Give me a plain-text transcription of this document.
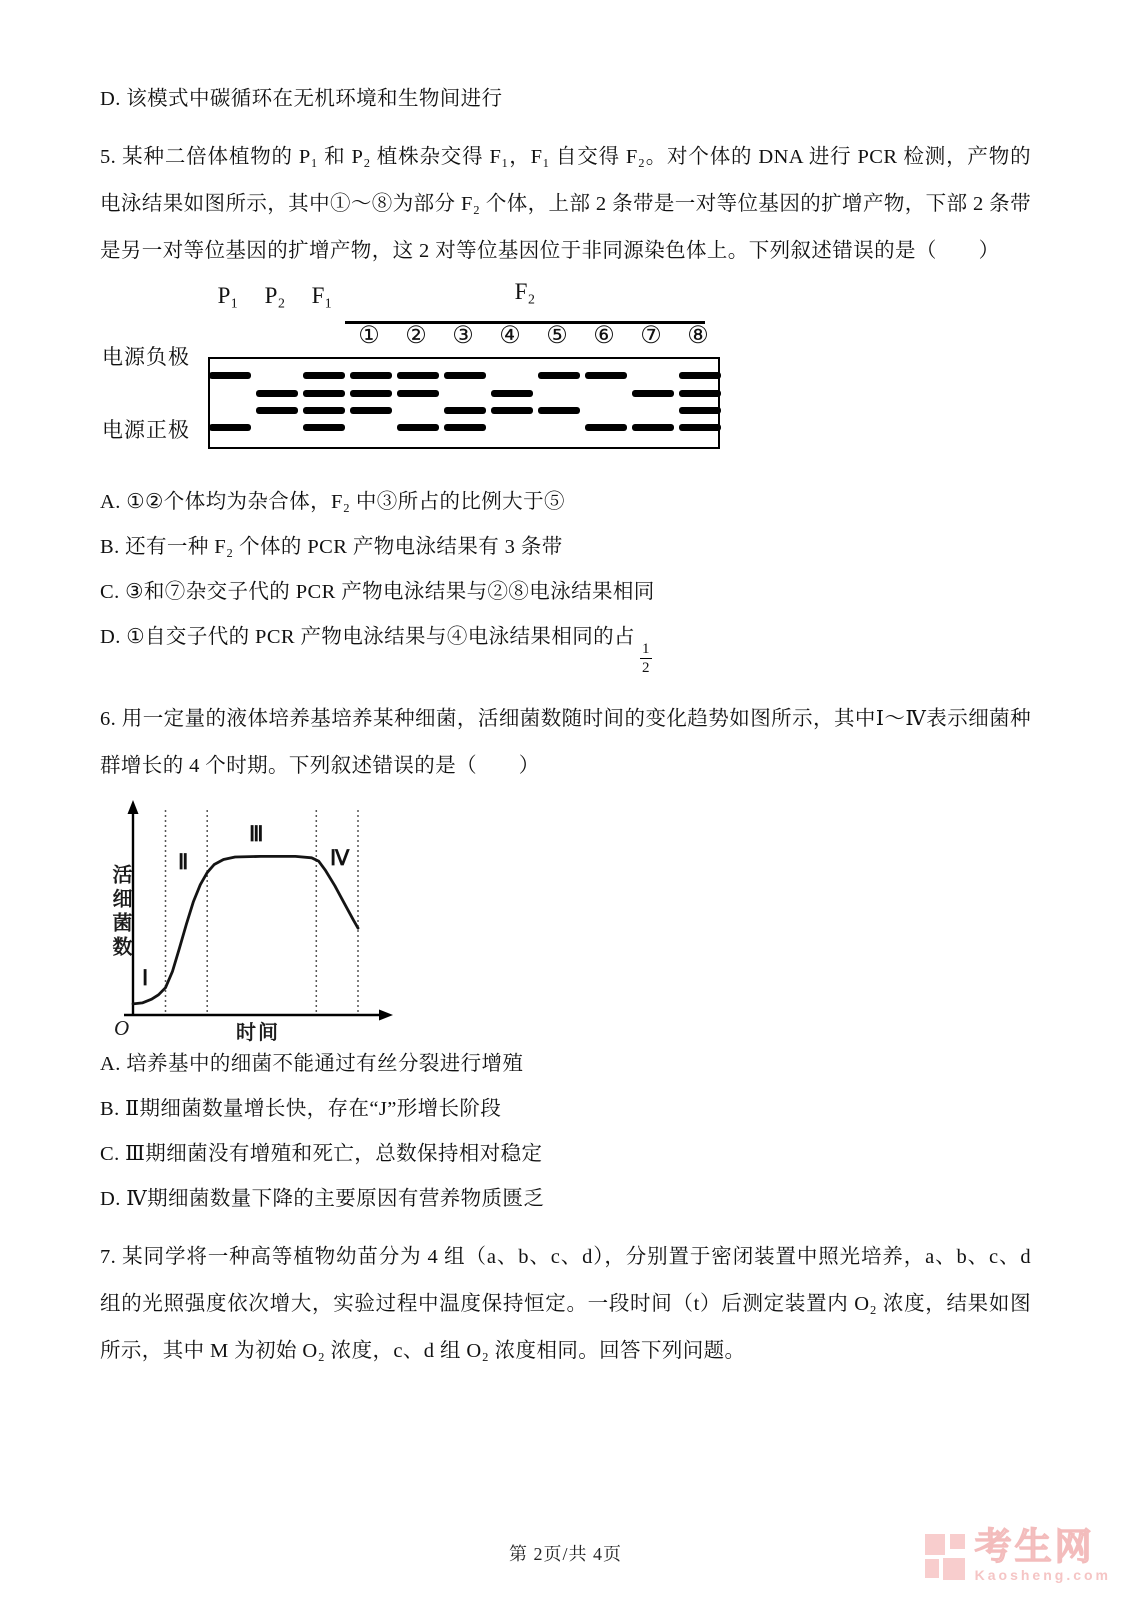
D. 该模式中碳循环在无机环境和生物间进行
5. 某种二倍体植物的 P₁ 和 P₂ 植株杂交得 F₁，F₁ 自交得 F₂。对个体的 DNA 进行 PCR 检测，产物的电泳结果如图所示，其中①～⑧为部分 F₂ 个体，上部 2 条带是一对等位基因的扩增产物，下部 2 条带是另一对等位基因的扩增产物，这 2 对等位基因位于非同源染色体上。下列叙述错误的是（　　）
电源负极
电源正极
F₂
P₁ P₂ F₁
① ② ③ ④ ⑤ ⑥ ⑦ ⑧
A. ①②个体均为杂合体，F₂ 中③所占的比例大于⑤
B. 还有一种 F₂ 个体的 PCR 产物电泳结果有 3 条带
C. ③和⑦杂交子代的 PCR 产物电泳结果与②⑧电泳结果相同
D. ①自交子代的 PCR 产物电泳结果与④电泳结果相同的占
$\frac{1}{2}$
6. 用一定量的液体培养基培养某种细菌，活细菌数随时间的变化趋势如图所示，其中Ⅰ～Ⅳ表示细菌种群增长的 4 个时期。下列叙述错误的是（　　）
活细菌数
O	时间
Ⅰ
Ⅱ
Ⅲ
Ⅳ
A. 培养基中的细菌不能通过有丝分裂进行增殖
B. Ⅱ期细菌数量增长快，存在“J”形增长阶段
C. Ⅲ期细菌没有增殖和死亡，总数保持相对稳定
D. Ⅳ期细菌数量下降的主要原因有营养物质匮乏
7. 某同学将一种高等植物幼苗分为 4 组（a、b、c、d），分别置于密闭装置中照光培养，a、b、c、d 组的光照强度依次增大，实验过程中温度保持恒定。一段时间（t）后测定装置内 O₂ 浓度，结果如图所示，其中 M 为初始 O₂ 浓度，c、d 组 O₂ 浓度相同。回答下列问题。
第 2页/共 4页	考生网
Kaosheng.com
